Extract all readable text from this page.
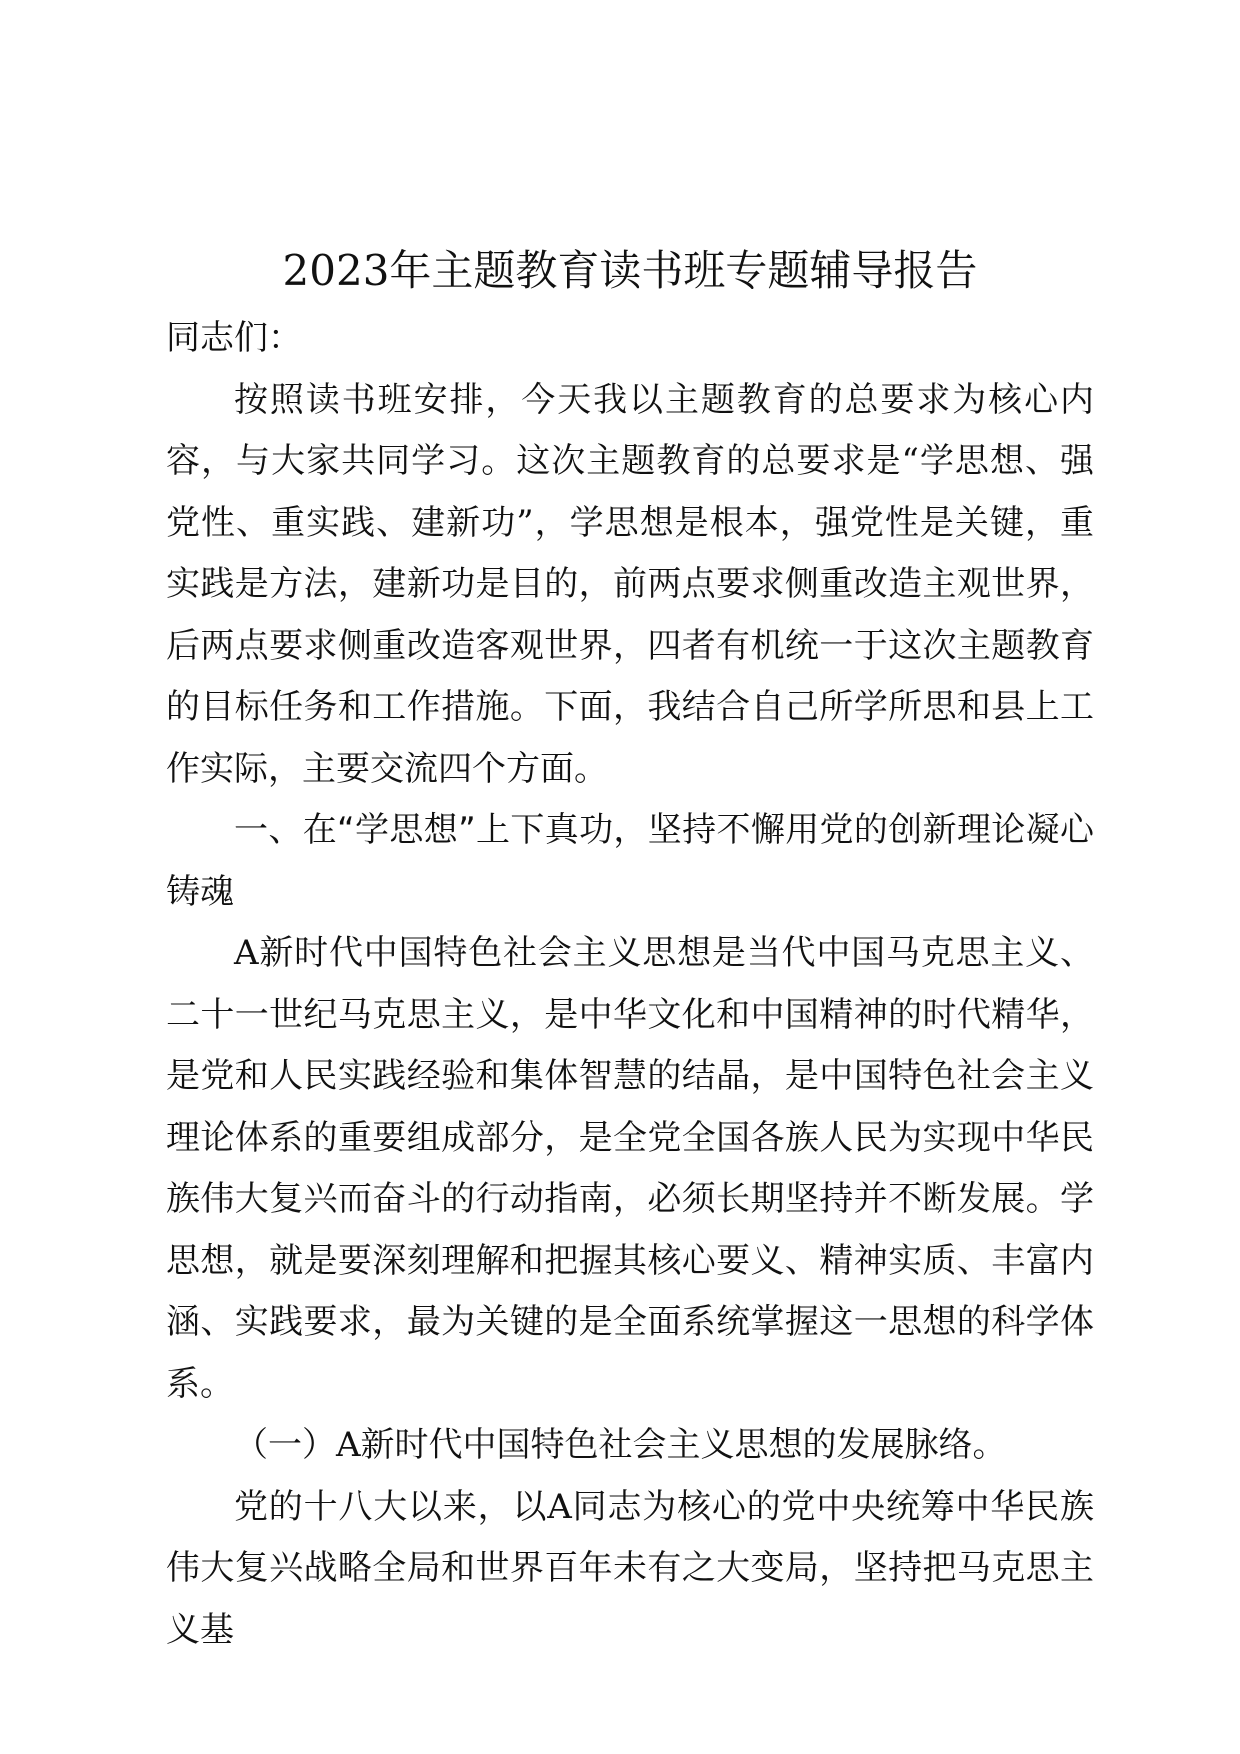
2023年主题教育读书班专题辅导报告

同志们：

按照读书班安排，今天我以主题教育的总要求为核心内容，与大家共同学习。这次主题教育的总要求是“学思想、强党性、重实践、建新功”，学思想是根本，强党性是关键，重实践是方法，建新功是目的，前两点要求侧重改造主观世界，后两点要求侧重改造客观世界，四者有机统一于这次主题教育的目标任务和工作措施。下面，我结合自己所学所思和县上工作实际，主要交流四个方面。

一、在“学思想”上下真功，坚持不懈用党的创新理论凝心铸魂

A新时代中国特色社会主义思想是当代中国马克思主义、二十一世纪马克思主义，是中华文化和中国精神的时代精华，是党和人民实践经验和集体智慧的结晶，是中国特色社会主义理论体系的重要组成部分，是全党全国各族人民为实现中华民族伟大复兴而奋斗的行动指南，必须长期坚持并不断发展。学思想，就是要深刻理解和把握其核心要义、精神实质、丰富内涵、实践要求，最为关键的是全面系统掌握这一思想的科学体系。

（一）A新时代中国特色社会主义思想的发展脉络。

党的十八大以来，以A同志为核心的党中央统筹中华民族伟大复兴战略全局和世界百年未有之大变局，坚持把马克思主义基
